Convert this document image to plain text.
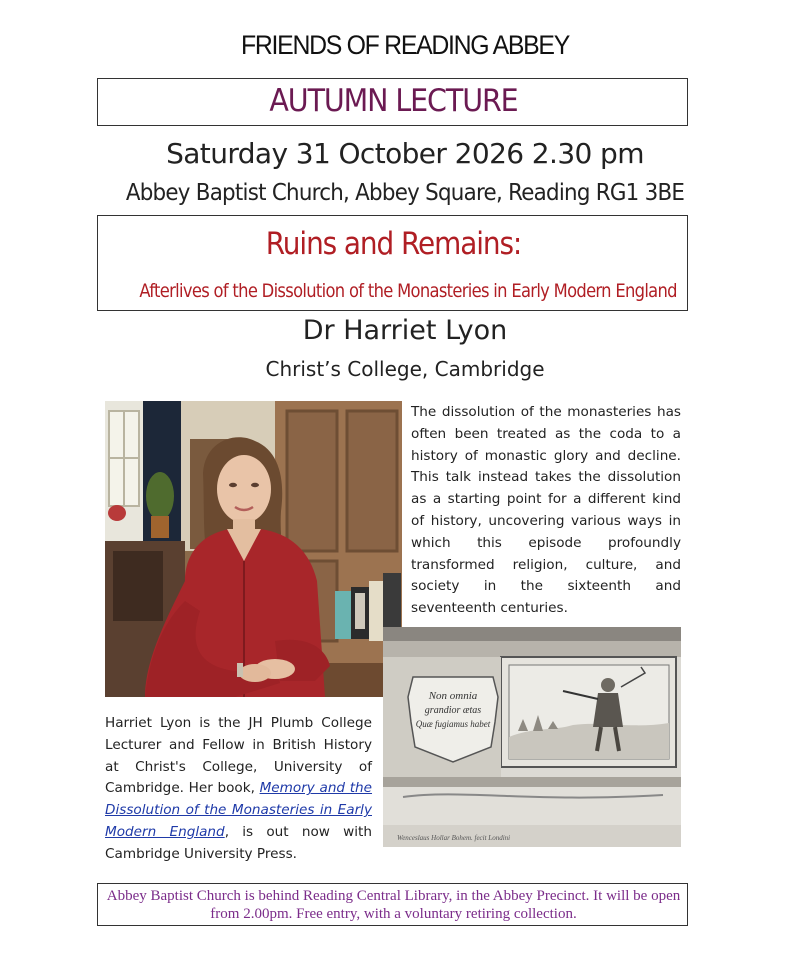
FRIENDS OF READING ABBEY
AUTUMN LECTURE
Saturday 31 October 2026 2.30 pm
Abbey Baptist Church, Abbey Square, Reading RG1 3BE
Ruins and Remains:
Afterlives of the Dissolution of the Monasteries in Early Modern England
Dr Harriet Lyon
Christ’s College, Cambridge
The dissolution of the monasteries has often been treated as the coda to a history of monastic glory and decline. This talk instead takes the dissolution as a starting point for a different kind of history, uncovering various ways in which this episode profoundly transformed religion, culture, and society in the sixteenth and seventeenth centuries.
Non omnia
grandior ætas
Quæ fugiamus habet
Wenceslaus Hollar Bohem. fecit Londini
Harriet Lyon is the JH Plumb College Lecturer and Fellow in British History at Christ's College, University of Cambridge. Her book, Memory and the Dissolution of the Monasteries in Early Modern England, is out now with Cambridge University Press.
Abbey Baptist Church is behind Reading Central Library, in the Abbey Precinct. It will be open from 2.00pm. Free entry, with a voluntary retiring collection.
